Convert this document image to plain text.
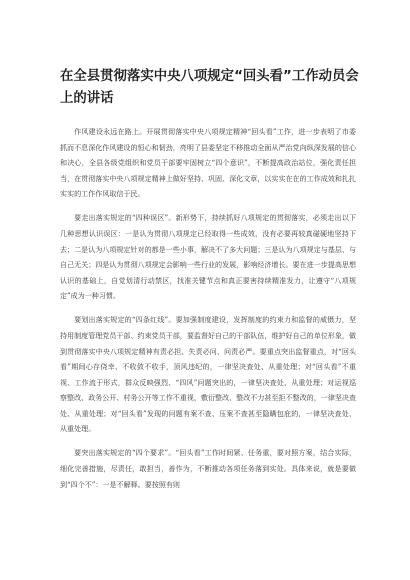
在全县贯彻落实中央八项规定“回头看”工作动员会上的讲话

作风建设永远在路上。开展贯彻落实中央八项规定精神“回头看”工作，进一步表明了市委抓而不息深化作风建设的恒心和韧劲，亮明了县委坚定不移推动全面从严治党向纵深发展的信心和决心，全县各级党组织和党员干部要牢固树立“四个意识”，不断提高政治站位，强化责任担当，在贯彻落实中央八项规定精神上做好坚持、巩固、深化文章，以实实在在的工作成效和扎扎实实的工作作风取信于民。

要走出落实规定的“四种误区”。新形势下，持续抓好八项规定的贯彻落实，必须走出以下几种思想认识误区：一是认为贯彻八项规定已经取得一些成效，没有必要再较真碰硬地坚持下去；二是认为八项规定针对的都是一些小事，解决不了多大问题；三是认为八项规定与基层、与自己无关；四是认为贯彻八项规定会影响一些行业的发展，影响经济增长。要在进一步提高思想认识的基础上，自觉划清行动禁区，找准关键节点和真正要害持续精准发力，让遵守“八项规定”成为一种习惯。

要划出落实规定的“四条红线”。要加强制度建设，发挥制度的约束力和监督的威慑力，坚持用制度管理党员干部、约束党员干部，要监督好自己的干部队伍，维护好自己的单位形象，做到贯彻落实中央八项规定精神有责必担、失责必问、问责必严。要重点突出监督重点，对“回头看”期间心存侥幸、不收敛不收手，顶风违纪的，一律坚决查处、从重处理；对“回头看”不重视、工作流于形式，群众反映强烈、“四风”问题突出的，一律坚决查处、从重处理；对运视巡察整改、政务公开、村务公开等工作不重视，敷衍整改、整改不力甚至拒不整改的，一律坚决查处、从重处理；对“回头看”发现的问题有案不查、压案不查甚至隐瞒包庇的，一律坚决查处、从重处理。

要突出落实规定的“四个要求”。“回头看”工作时间紧、任务重，要对照方案，结合实际，细化完善措施，尽责任，敢担当，善作为，不断推动各项任务落到实处。具体来说，就是要做到“四个不”：一是不解释。要按照有则
